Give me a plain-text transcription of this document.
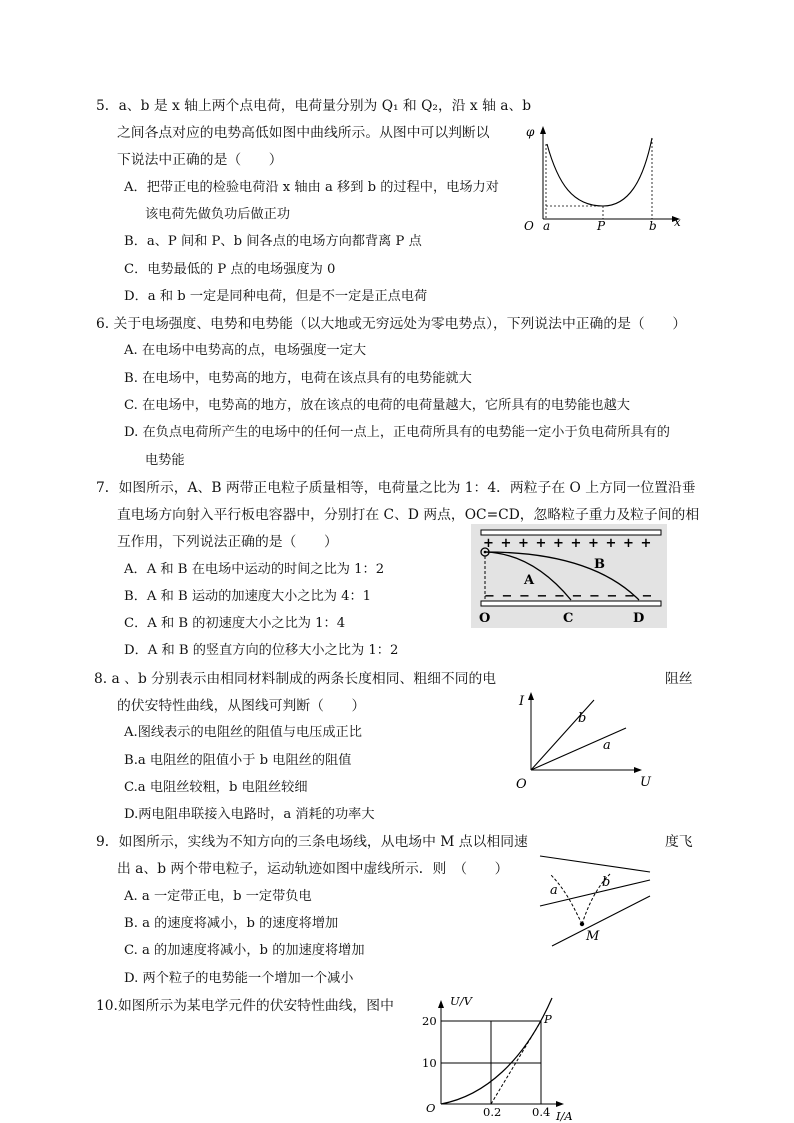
5．a、b 是 x 轴上两个点电荷，电荷量分别为 Q₁ 和 Q₂，沿 x 轴 a、b
之间各点对应的电势高低如图中曲线所示。从图中可以判断以
下说法中正确的是（　　）
A．把带正电的检验电荷沿 x 轴由 a 移到 b 的过程中，电场力对
该电荷先做负功后做正功
B．a、P 间和 P、b 间各点的电场方向都背离 P 点
C．电势最低的 P 点的电场强度为 0
D．a 和 b 一定是同种电荷，但是不一定是正点电荷
φ
O a	P	b x
6. 关于电场强度、电势和电势能（以大地或无穷远处为零电势点），下列说法中正确的是（　　）
A. 在电场中电势高的点，电场强度一定大
B. 在电场中，电势高的地方，电荷在该点具有的电势能就大
C. 在电场中，电势高的地方，放在该点的电荷的电荷量越大，它所具有的电势能也越大
D. 在负点电荷所产生的电场中的任何一点上，正电荷所具有的电势能一定小于负电荷所具有的
电势能
7．如图所示，A、B 两带正电粒子质量相等，电荷量之比为 1：4．两粒子在 O 上方同一位置沿垂
直电场方向射入平行板电容器中，分别打在 C、D 两点，OC=CD，忽略粒子重力及粒子间的相
互作用，下列说法正确的是（　　）
A．A 和 B 在电场中运动的时间之比为 1：2
B．A 和 B 运动的加速度大小之比为 4：1
C．A 和 B 的初速度大小之比为 1：4
D．A 和 B 的竖直方向的位移大小之比为 1：2
+ + + + + + + + + +
− − − − − − − − − −
A
B
O	C	D
8. a 、b 分别表示由相同材料制成的两条长度相同、粗细不同的电	阻丝
的伏安特性曲线，从图线可判断（　　）
A.图线表示的电阻丝的阻值与电压成正比
B.a 电阻丝的阻值小于 b 电阻丝的阻值
C.a 电阻丝较粗，b 电阻丝较细
D.两电阻串联接入电路时，a 消耗的功率大
I
U
O
b
a
9．如图所示，实线为不知方向的三条电场线，从电场中 M 点以相同速	度飞
出 a、b 两个带电粒子，运动轨迹如图中虚线所示．则　（　　）
A. a 一定带正电，b 一定带负电
B. a 的速度将减小，b 的速度将增加
C. a 的加速度将减小，b 的加速度将增加
D. 两个粒子的电势能一个增加一个减小
a
b
M
10.如图所示为某电学元件的伏安特性曲线，图中	U/V
20
10
O	0.2	0.4 I/A
P
